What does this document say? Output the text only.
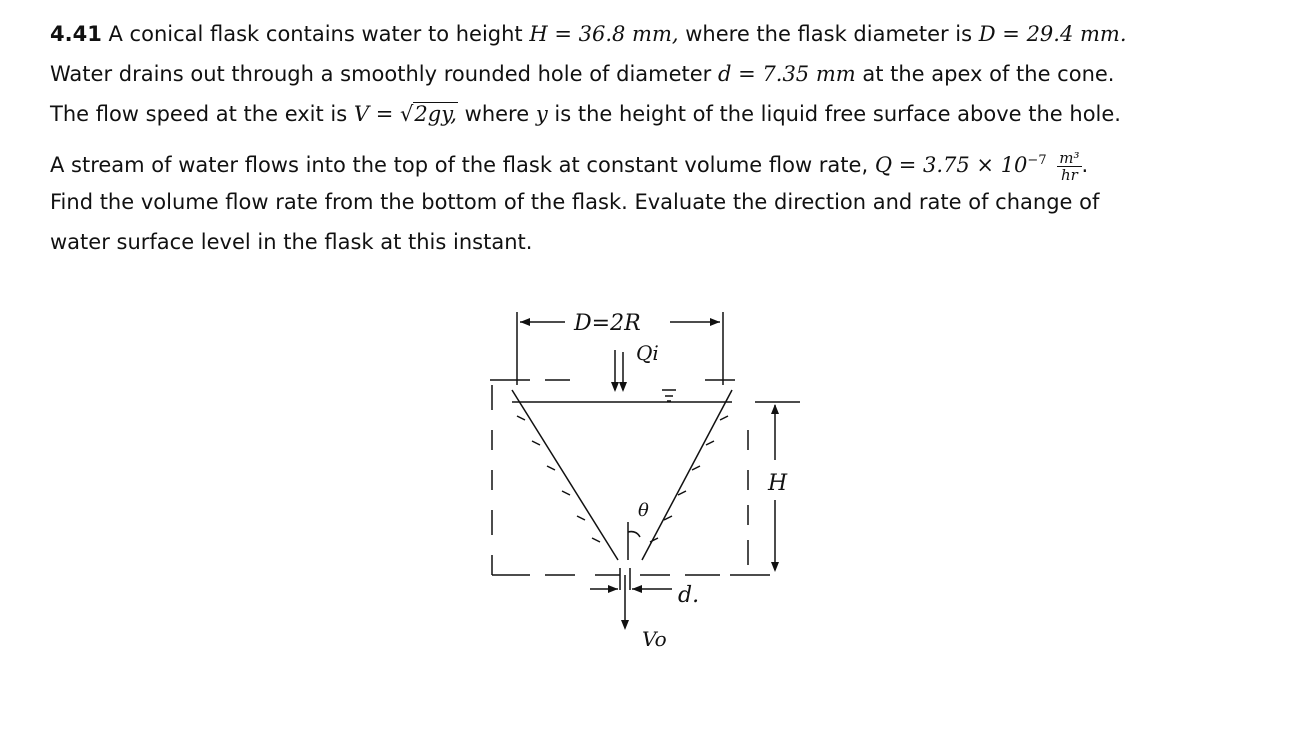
4.41 A conical flask contains water to height H = 36.8 mm, where the flask diameter is D = 29.4 mm.
Water drains out through a smoothly rounded hole of diameter d = 7.35 mm at the apex of the cone.
The flow speed at the exit is V = √2gy, where y is the height of the liquid free surface above the hole.
A stream of water flows into the top of the flask at constant volume flow rate, $Q = 3.75 \times 10^{-7} \frac{\text{m³}}{hr}$ .
Find the volume flow rate from the bottom of the flask. Evaluate the direction and rate of change of
water surface level in the flask at this instant.
D=2R
Qi
θ
H
d.
Vo
